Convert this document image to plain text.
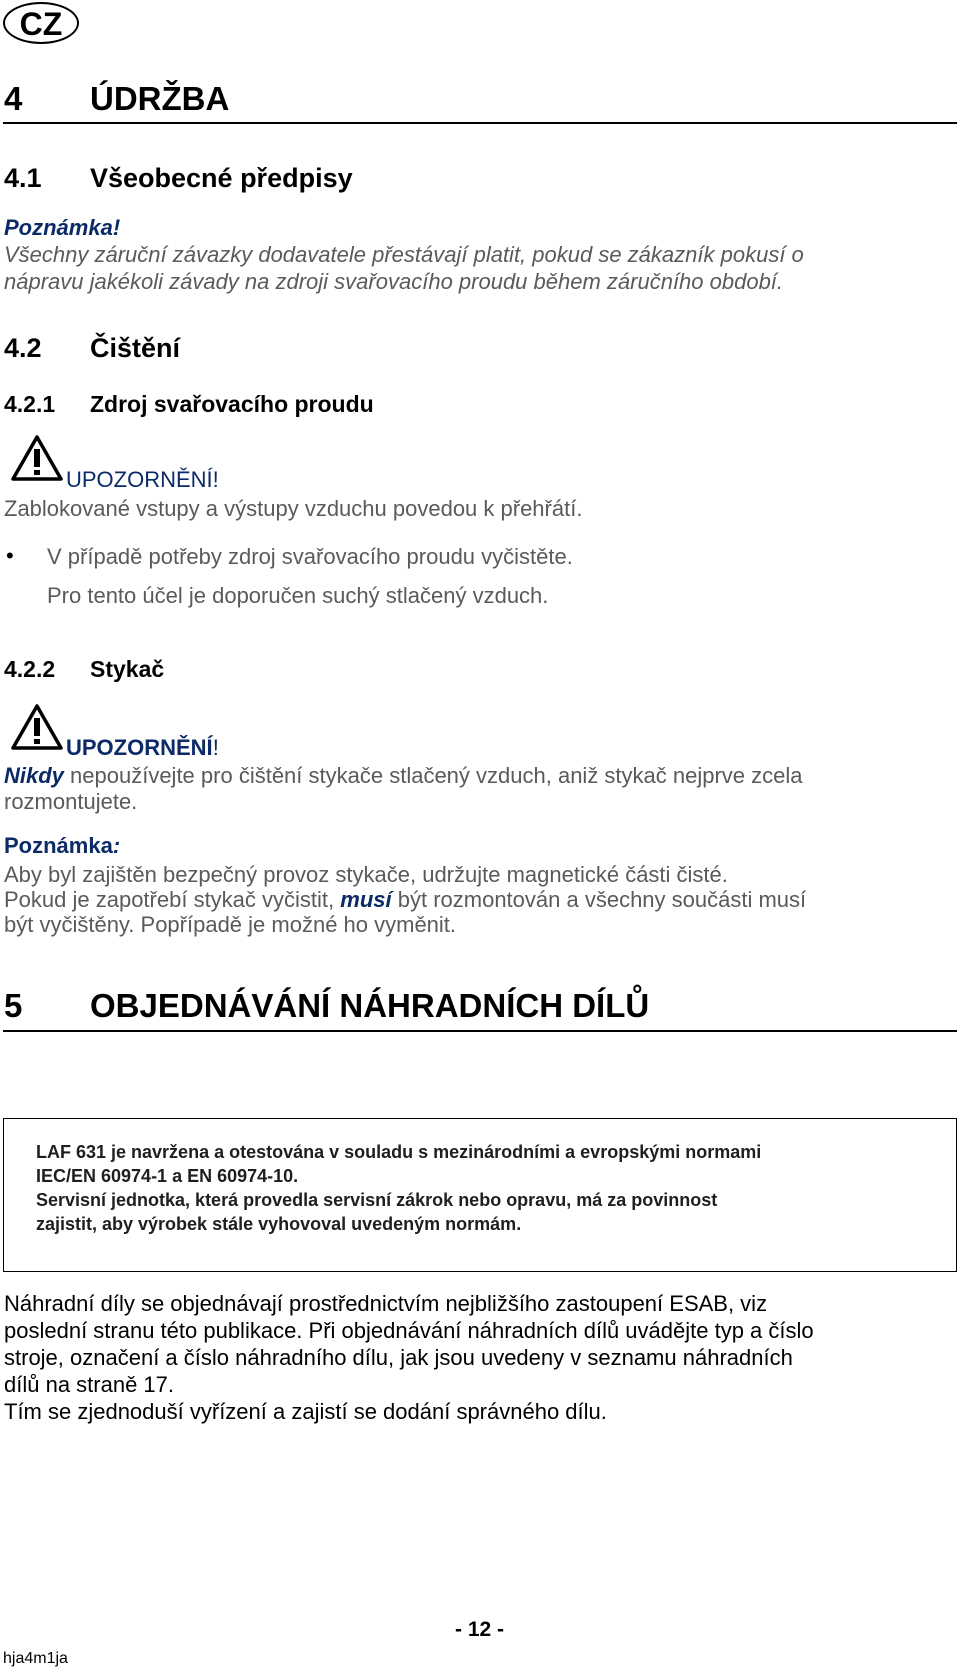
CZ
4 ÚDRŽBA
4.1 Všeobecné předpisy
Poznámka!
Všechny záruční závazky dodavatele přestávají platit, pokud se zákazník pokusí o
nápravu jakékoli závady na zdroji svařovacího proudu během záručního období.
4.2 Čištění
4.2.1 Zdroj svařovacího proudu
UPOZORNĚNÍ!
Zablokované vstupy a výstupy vzduchu povedou k přehřátí.
• V případě potřeby zdroj svařovacího proudu vyčistěte.
Pro tento účel je doporučen suchý stlačený vzduch.
4.2.2 Stykač
UPOZORNĚNÍ!
Nikdy nepoužívejte pro čištění stykače stlačený vzduch, aniž stykač nejprve zcela
rozmontujete.
Poznámka:
Aby byl zajištěn bezpečný provoz stykače, udržujte magnetické části čisté.
Pokud je zapotřebí stykač vyčistit, musí být rozmontován a všechny součásti musí
být vyčištěny. Popřípadě je možné ho vyměnit.
5 OBJEDNÁVÁNÍ NÁHRADNÍCH DÍLŮ
LAF 631 je navržena a otestována v souladu s mezinárodními a evropskými normami
IEC/EN 60974-1 a EN 60974-10.
Servisní jednotka, která provedla servisní zákrok nebo opravu, má za povinnost
zajistit, aby výrobek stále vyhovoval uvedeným normám.
Náhradní díly se objednávají prostřednictvím nejbližšího zastoupení ESAB, viz
poslední stranu této publikace. Při objednávání náhradních dílů uvádějte typ a číslo
stroje, označení a číslo náhradního dílu, jak jsou uvedeny v seznamu náhradních
dílů na straně 17.
Tím se zjednoduší vyřízení a zajistí se dodání správného dílu.
- 12 -
hja4m1ja
